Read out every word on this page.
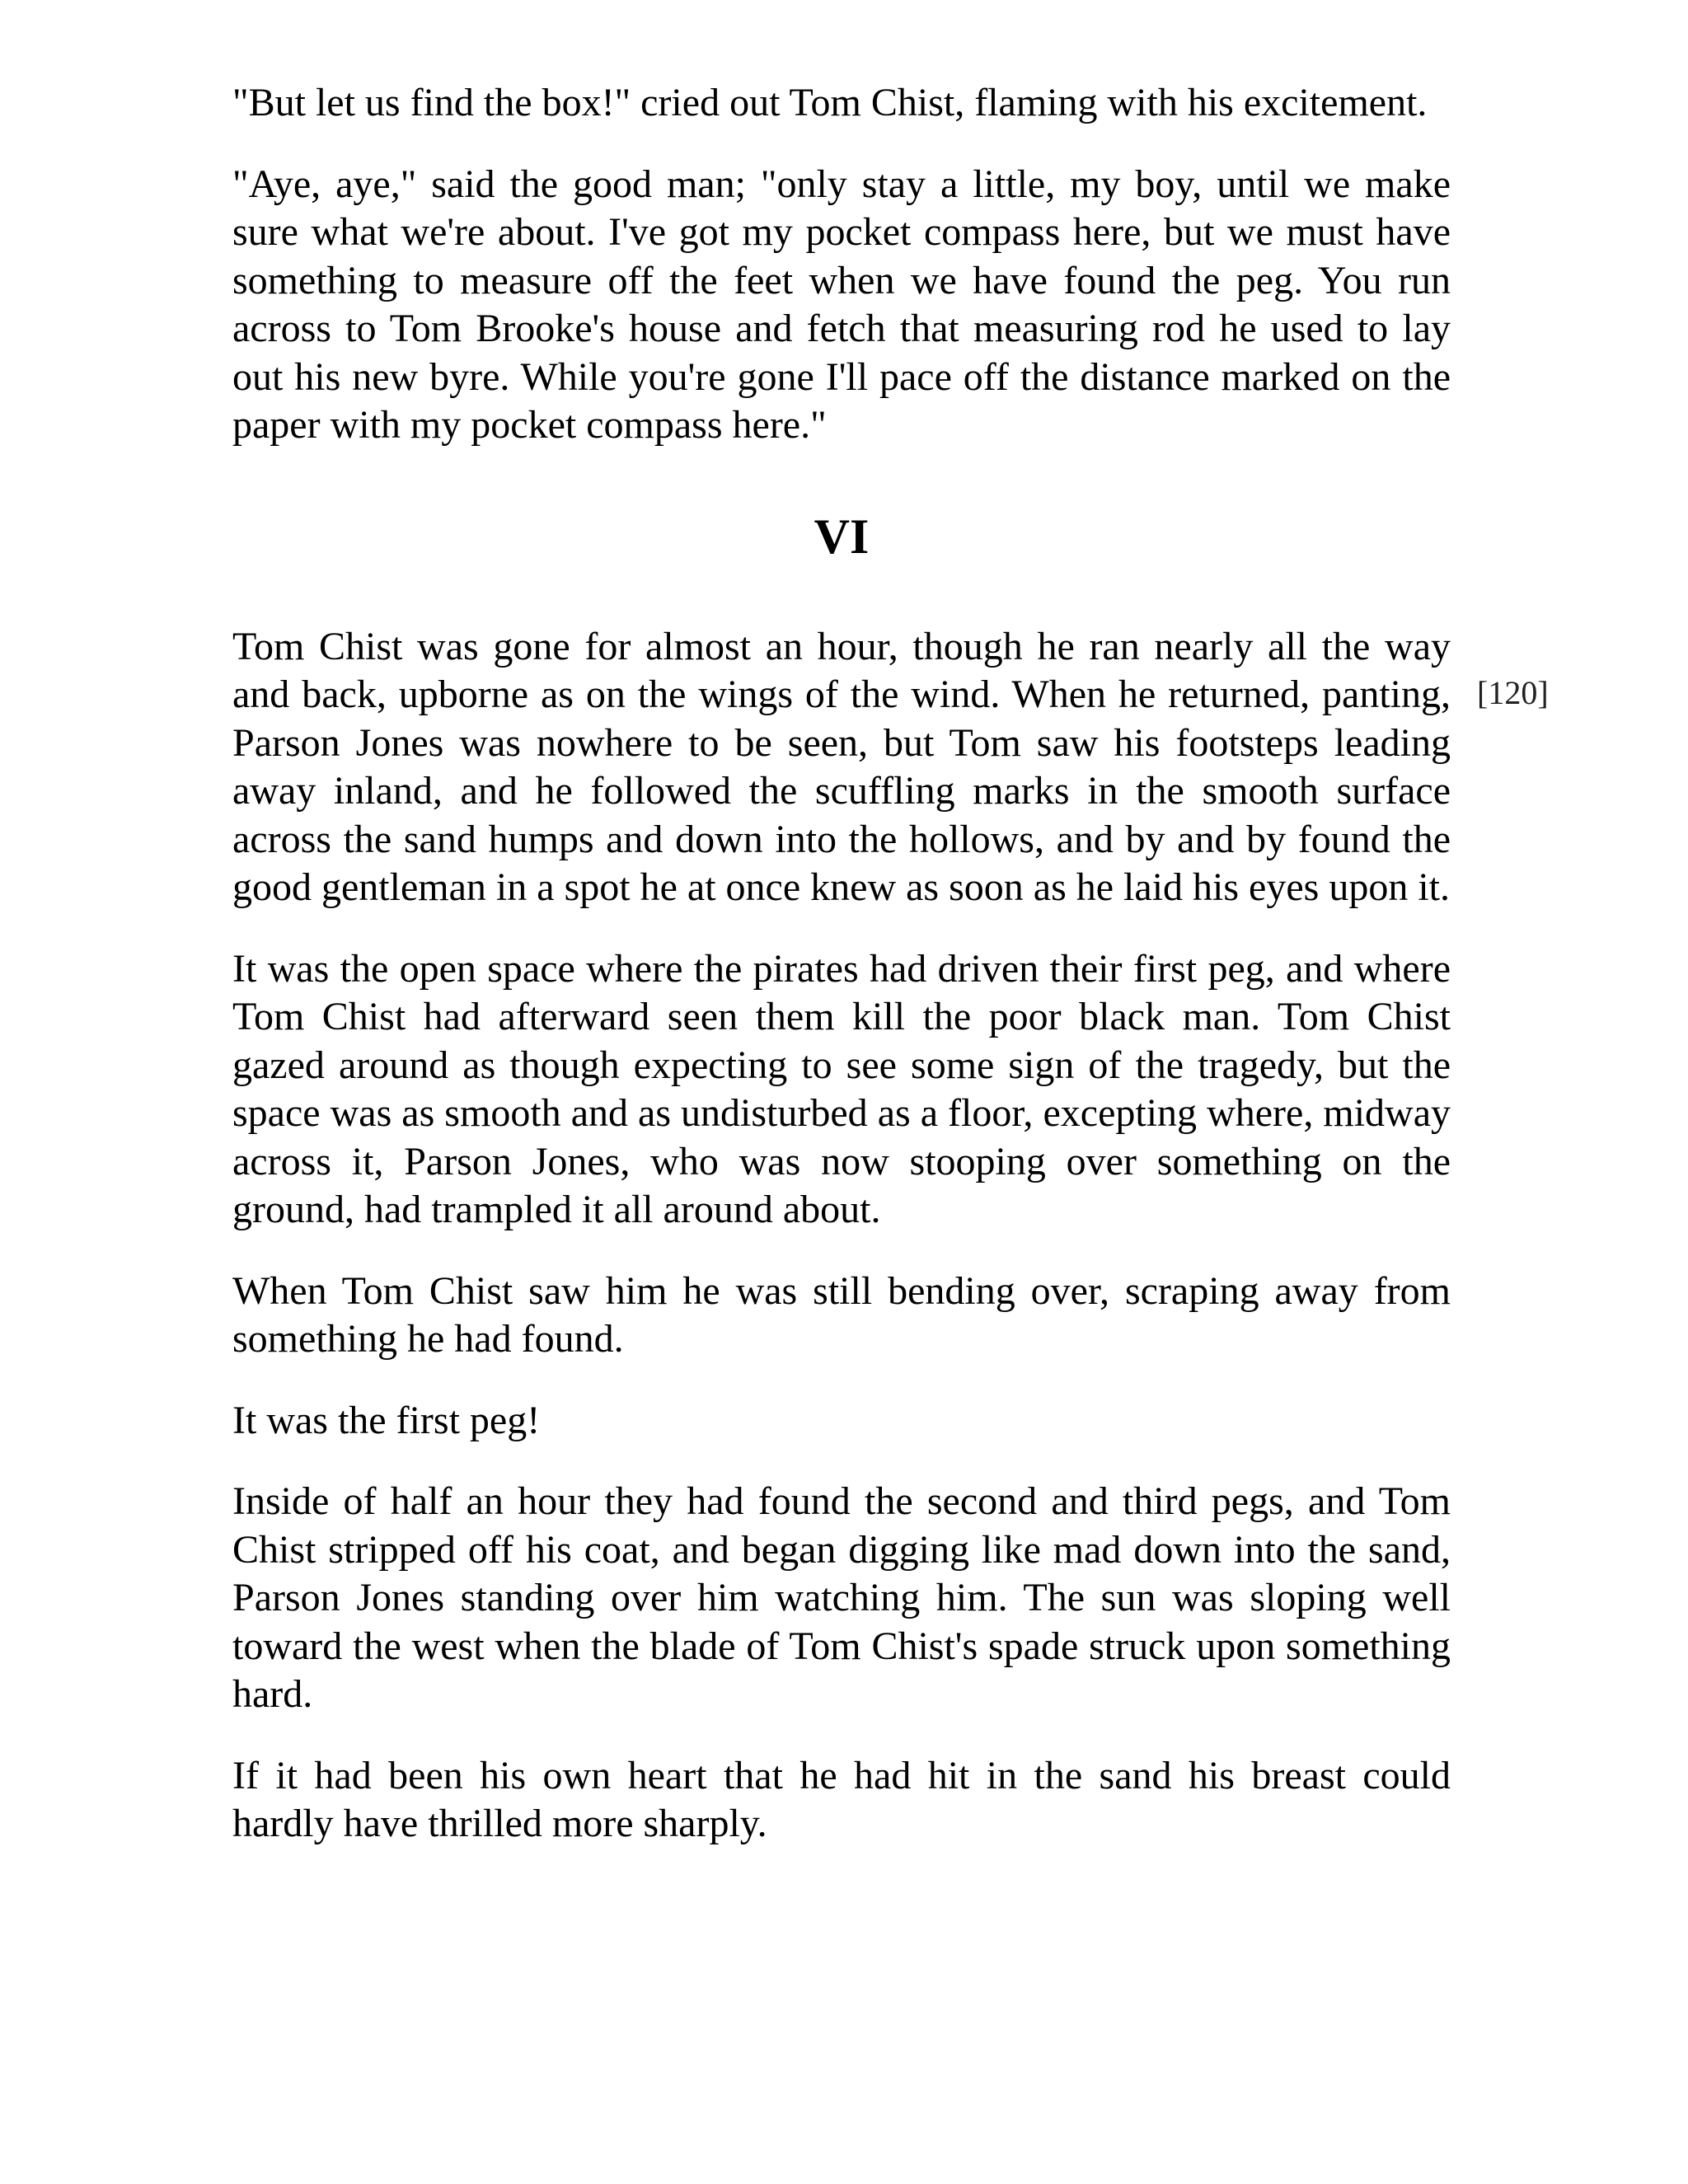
"But let us find the box!" cried out Tom Chist, flaming with his excitement.

"Aye, aye," said the good man; "only stay a little, my boy, until we make sure what we're about. I've got my pocket compass here, but we must have something to measure off the feet when we have found the peg. You run across to Tom Brooke's house and fetch that measuring rod he used to lay out his new byre. While you're gone I'll pace off the distance marked on the paper with my pocket compass here."

VI
[120]

Tom Chist was gone for almost an hour, though he ran nearly all the way and back, upborne as on the wings of the wind. When he returned, panting, Parson Jones was nowhere to be seen, but Tom saw his footsteps leading away inland, and he followed the scuffling marks in the smooth surface across the sand humps and down into the hollows, and by and by found the good gentleman in a spot he at once knew as soon as he laid his eyes upon it.

It was the open space where the pirates had driven their first peg, and where Tom Chist had afterward seen them kill the poor black man. Tom Chist gazed around as though expecting to see some sign of the tragedy, but the space was as smooth and as undisturbed as a floor, excepting where, midway across it, Parson Jones, who was now stooping over something on the ground, had trampled it all around about.

When Tom Chist saw him he was still bending over, scraping away from something he had found.

It was the first peg!

Inside of half an hour they had found the second and third pegs, and Tom Chist stripped off his coat, and began digging like mad down into the sand, Parson Jones standing over him watching him. The sun was sloping well toward the west when the blade of Tom Chist's spade struck upon something hard.

If it had been his own heart that he had hit in the sand his breast could hardly have thrilled more sharply.
